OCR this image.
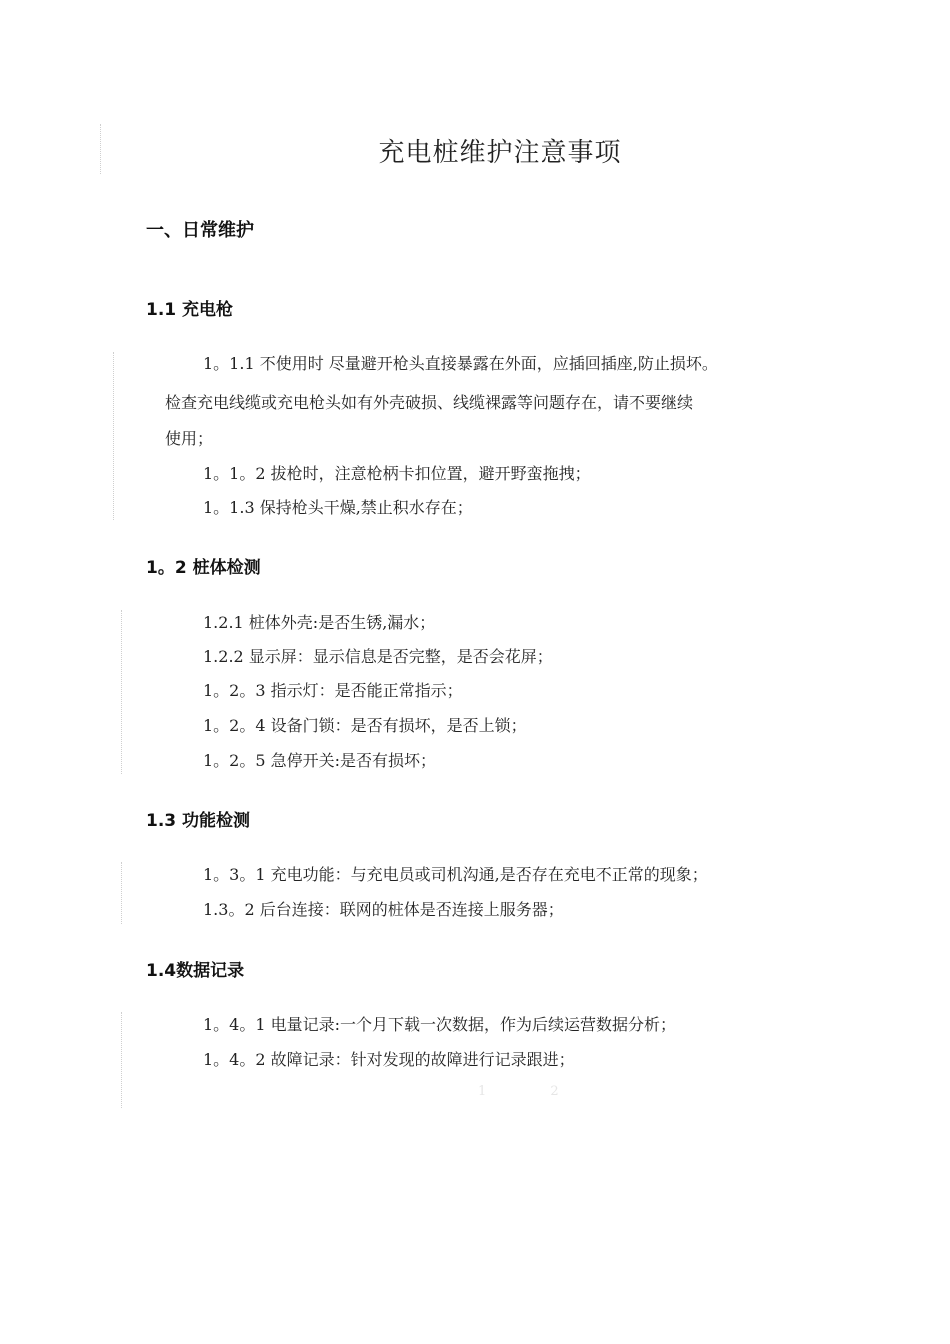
充电桩维护注意事项
一、日常维护
1.1 充电枪
1。1.1 不使用时 尽量避开枪头直接暴露在外面，应插回插座,防止损坏。
检查充电线缆或充电枪头如有外壳破损、线缆裸露等问题存在，请不要继续
使用；
1。1。2 拔枪时，注意枪柄卡扣位置，避开野蛮拖拽；
1。1.3 保持枪头干燥,禁止积水存在；
1。2 桩体检测
1.2.1 桩体外壳:是否生锈,漏水；
1.2.2 显示屏：显示信息是否完整，是否会花屏；
1。2。3 指示灯：是否能正常指示；
1。2。4 设备门锁：是否有损坏，是否上锁；
1。2。5 急停开关:是否有损坏；
1.3 功能检测
1。3。1 充电功能：与充电员或司机沟通,是否存在充电不正常的现象；
1.3。2 后台连接：联网的桩体是否连接上服务器；
1.4数据记录
1。4。1 电量记录:一个月下载一次数据，作为后续运营数据分析；
1。4。2 故障记录：针对发现的故障进行记录跟进；
1 2
